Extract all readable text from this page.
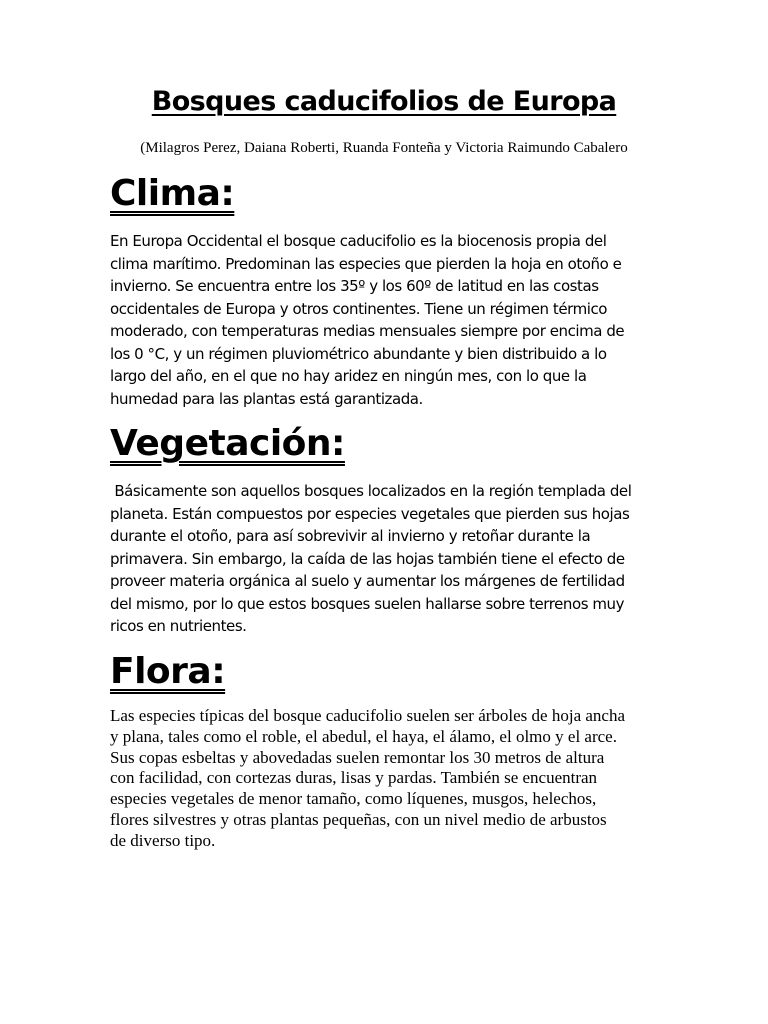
Bosques caducifolios de Europa

(Milagros Perez, Daiana Roberti, Ruanda Fonteña y Victoria Raimundo Cabalero

Clima:

En Europa Occidental el bosque caducifolio es la biocenosis propia del
clima marítimo. Predominan las especies que pierden la hoja en otoño e
invierno. Se encuentra entre los 35º y los 60º de latitud en las costas
occidentales de Europa y otros continentes. Tiene un régimen térmico
moderado, con temperaturas medias mensuales siempre por encima de
los 0 °C, y un régimen pluviométrico abundante y bien distribuido a lo
largo del año, en el que no hay aridez en ningún mes, con lo que la
humedad para las plantas está garantizada.

Vegetación:

Básicamente son aquellos bosques localizados en la región templada del
planeta. Están compuestos por especies vegetales que pierden sus hojas
durante el otoño, para así sobrevivir al invierno y retoñar durante la
primavera. Sin embargo, la caída de las hojas también tiene el efecto de
proveer materia orgánica al suelo y aumentar los márgenes de fertilidad
del mismo, por lo que estos bosques suelen hallarse sobre terrenos muy
ricos en nutrientes.

Flora:

Las especies típicas del bosque caducifolio suelen ser árboles de hoja ancha
y plana, tales como el roble, el abedul, el haya, el álamo, el olmo y el arce.
Sus copas esbeltas y abovedadas suelen remontar los 30 metros de altura
con facilidad, con cortezas duras, lisas y pardas. También se encuentran
especies vegetales de menor tamaño, como líquenes, musgos, helechos,
flores silvestres y otras plantas pequeñas, con un nivel medio de arbustos
de diverso tipo.
